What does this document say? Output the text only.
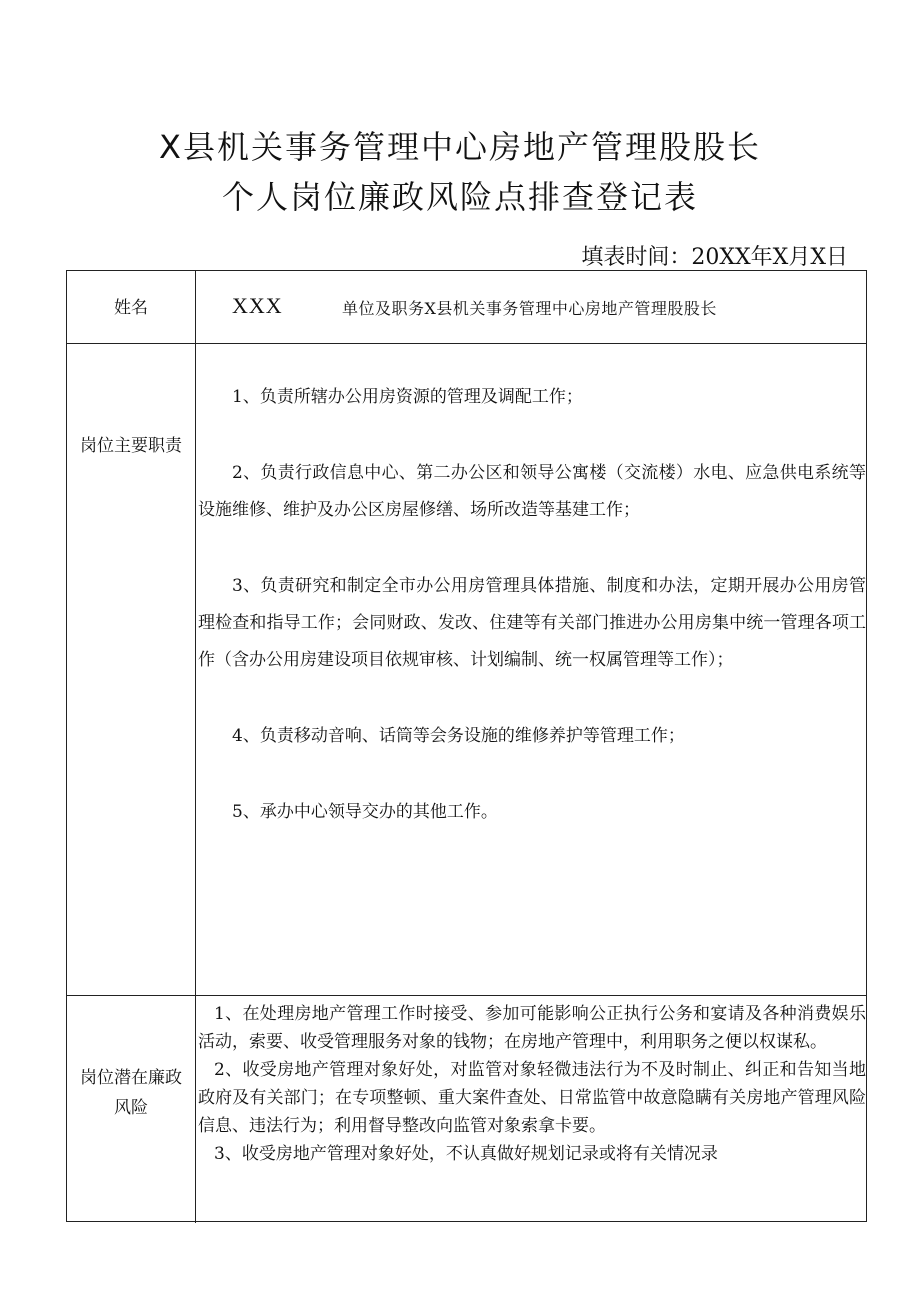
X县机关事务管理中心房地产管理股股长
个人岗位廉政风险点排查登记表
填表时间：20XX年X月X日
姓名	XXX	单位及职务X县机关事务管理中心房地产管理股股长
岗位主要职责

1、负责所辖办公用房资源的管理及调配工作；

2、负责行政信息中心、第二办公区和领导公寓楼（交流楼）水电、应急供电系统等设施维修、维护及办公区房屋修缮、场所改造等基建工作；

3、负责研究和制定全市办公用房管理具体措施、制度和办法，定期开展办公用房管理检查和指导工作；会同财政、发改、住建等有关部门推进办公用房集中统一管理各项工作（含办公用房建设项目依规审核、计划编制、统一权属管理等工作）；

4、负责移动音响、话筒等会务设施的维修养护等管理工作；

5、承办中心领导交办的其他工作。

岗位潜在廉政风险

1、在处理房地产管理工作时接受、参加可能影响公正执行公务和宴请及各种消费娱乐活动，索要、收受管理服务对象的钱物；在房地产管理中，利用职务之便以权谋私。

2、收受房地产管理对象好处，对监管对象轻微违法行为不及时制止、纠正和告知当地政府及有关部门；在专项整顿、重大案件查处、日常监管中故意隐瞒有关房地产管理风险信息、违法行为；利用督导整改向监管对象索拿卡要。

3、收受房地产管理对象好处，不认真做好规划记录或将有关情况录
